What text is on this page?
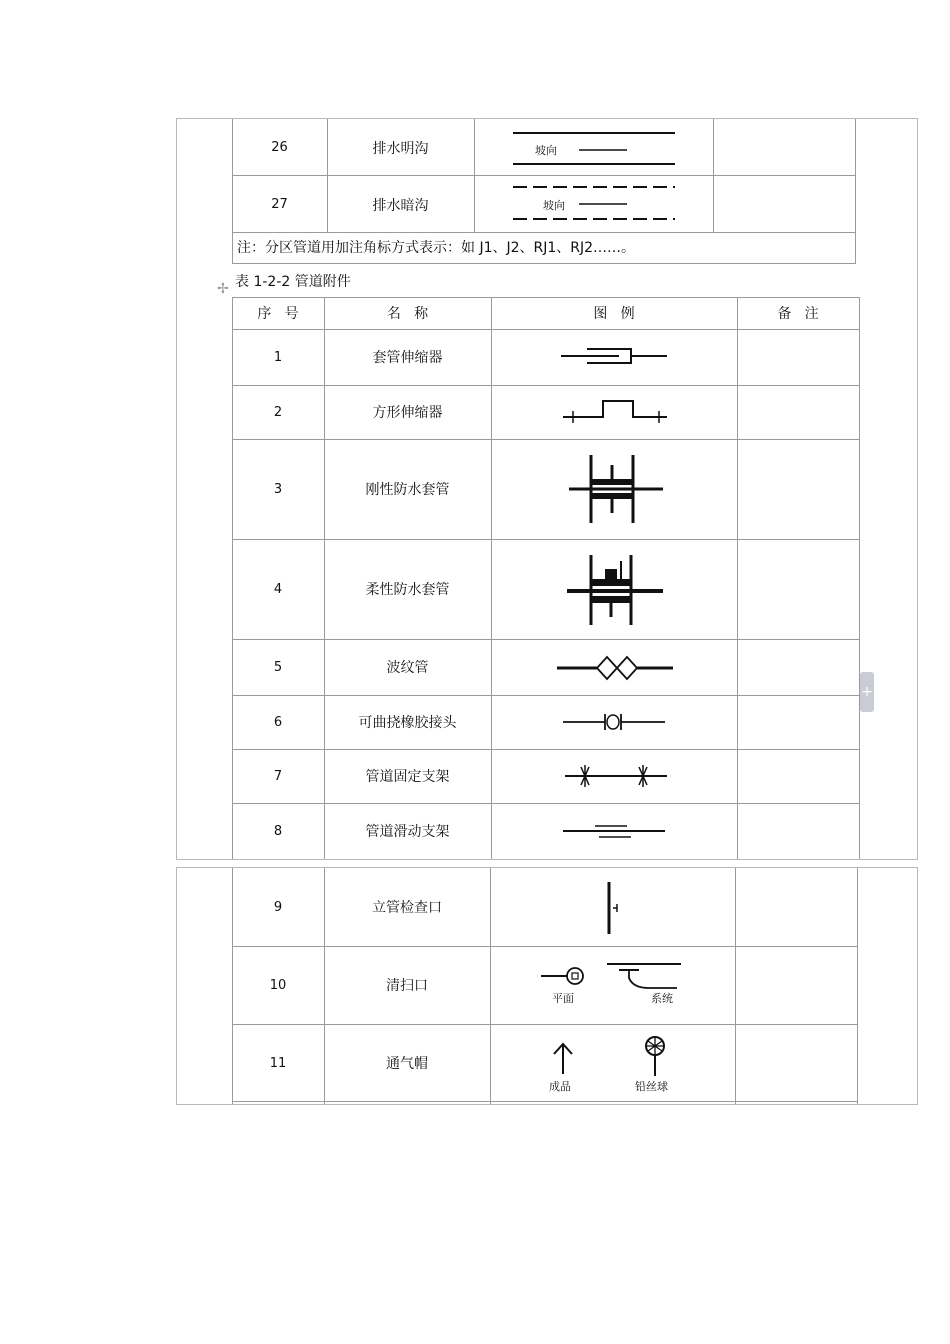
26	排水明沟	坡向
27	排水暗沟	坡向
注：分区管道用加注角标方式表示：如 J1、J2、RJ1、RJ2……。
表 1-2-2 管道附件
✢
序   号	名   称	图   例	备   注
1	套管伸缩器
2	方形伸缩器
3	刚性防水套管
4	柔性防水套管
5	波纹管
6	可曲挠橡胶接头
7	管道固定支架
8	管道滑动支架
+
9	立管检查口
10	清扫口
平面	系统
11	通气帽
成品	铅丝球
